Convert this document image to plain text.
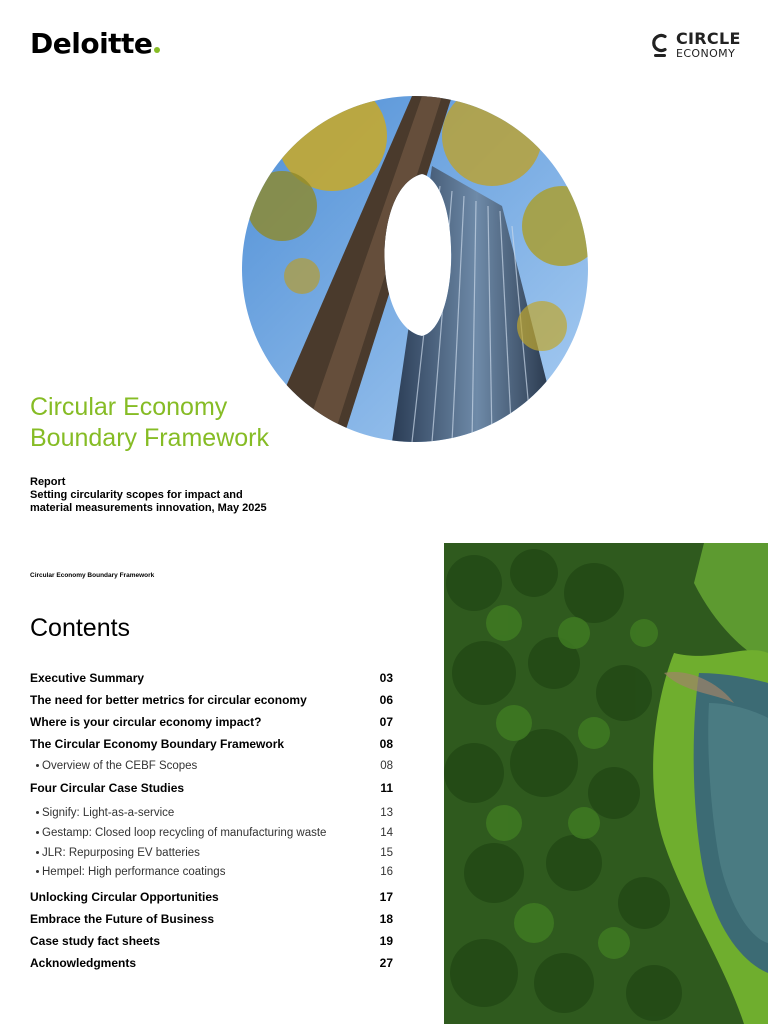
Deloitte	CIRCLE
ECONOMY
Circular Economy
Boundary Framework
Report
Setting circularity scopes for impact and
material measurements innovation, May 2025
Circular Economy Boundary Framework
Contents
Executive Summary	03
The need for better metrics for circular economy	06
Where is your circular economy impact?	07
The Circular Economy Boundary Framework	08
Overview of the CEBF Scopes	08
Four Circular Case Studies	11
Signify: Light-as-a-service	13
Gestamp: Closed loop recycling of manufacturing waste	14
JLR: Repurposing EV batteries	15
Hempel: High performance coatings	16
Unlocking Circular Opportunities	17
Embrace the Future of Business	18
Case study fact sheets	19
Acknowledgments	27
